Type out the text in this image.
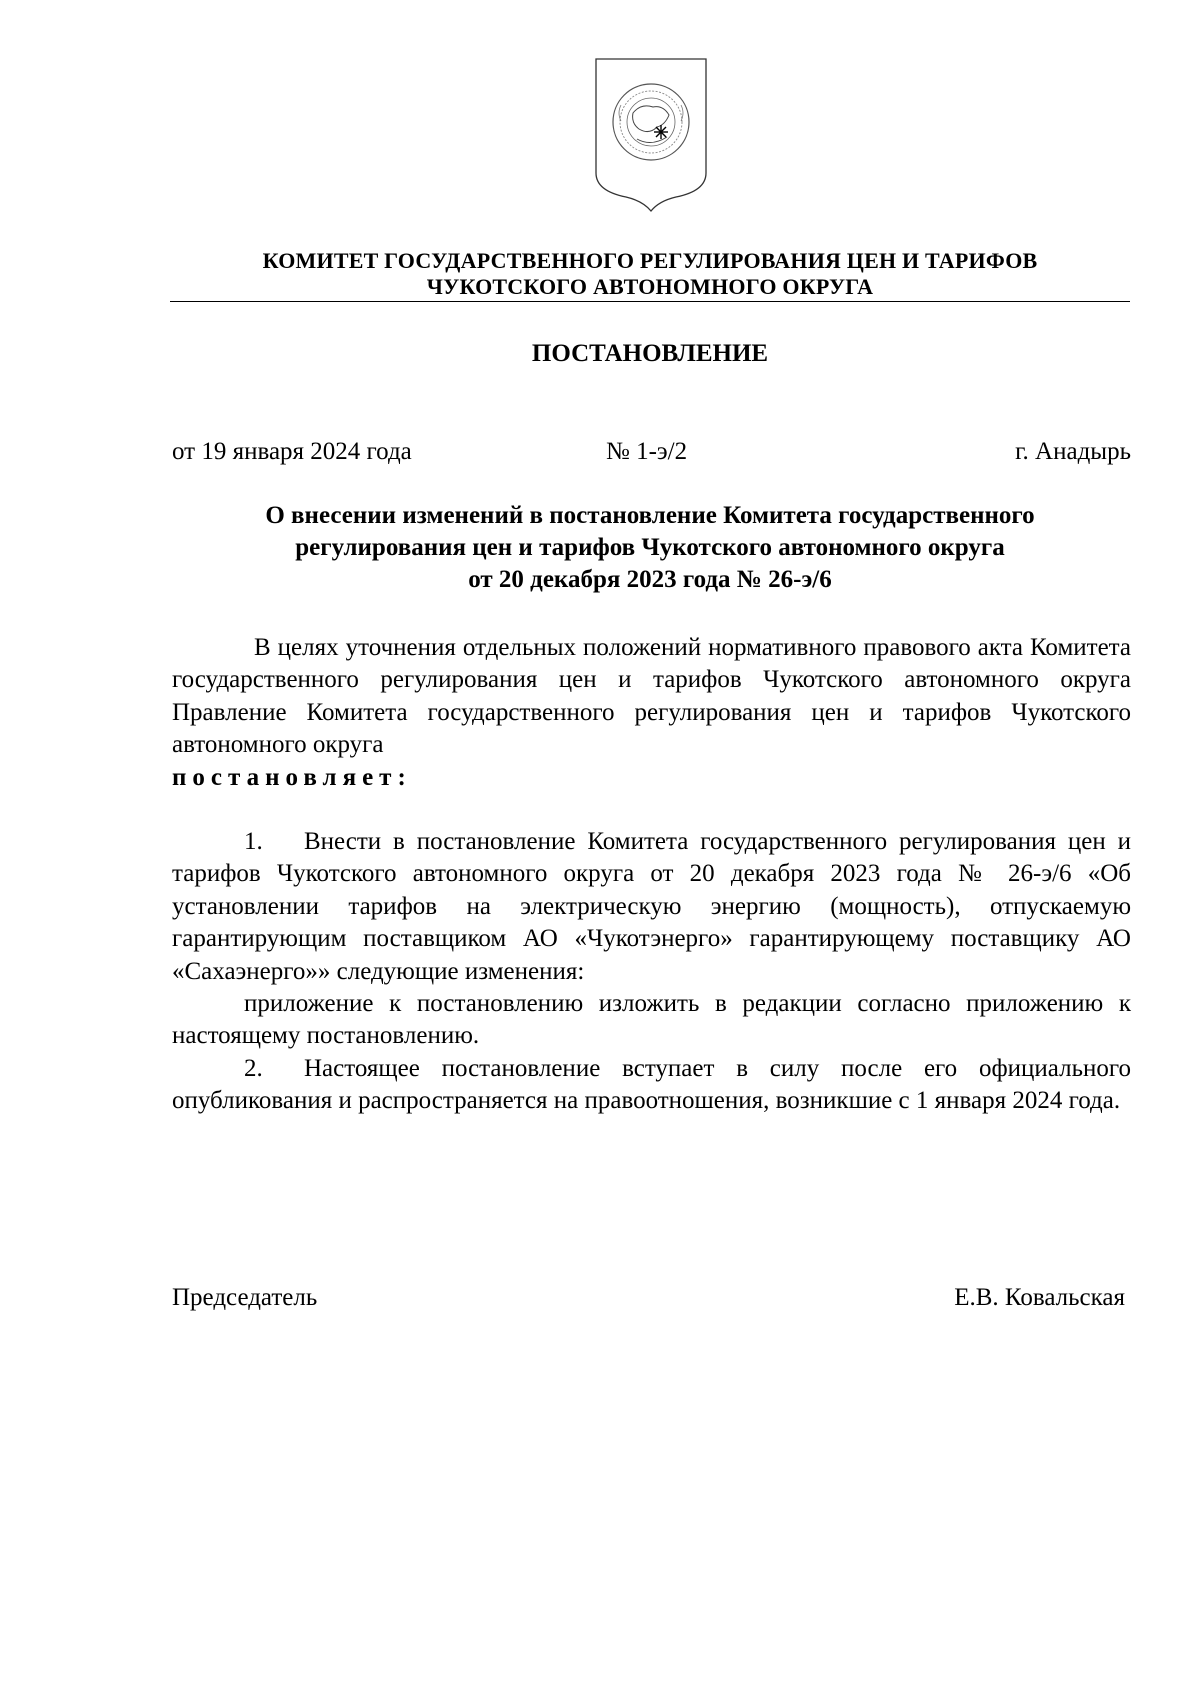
КОМИТЕТ ГОСУДАРСТВЕННОГО РЕГУЛИРОВАНИЯ ЦЕН И ТАРИФОВ
ЧУКОТСКОГО АВТОНОМНОГО ОКРУГА
ПОСТАНОВЛЕНИЕ
от 19 января 2024 года	№ 1-э/2	г. Анадырь
О внесении изменений в постановление Комитета государственного
регулирования цен и тарифов Чукотского автономного округа
от 20 декабря 2023 года № 26-э/6

В целях уточнения отдельных положений нормативного правового акта Комитета государственного регулирования цен и тарифов Чукотского автономного округа Правление Комитета государственного регулирования цен и тарифов Чукотского автономного округа

постановляет:

1. Внести в постановление Комитета государственного регулирования цен и тарифов Чукотского автономного округа от 20 декабря 2023 года № 26-э/6 «Об установлении тарифов на электрическую энергию (мощность), отпускаемую гарантирующим поставщиком АО «Чукотэнерго» гарантирующему поставщику АО «Сахаэнерго»» следующие изменения:

приложение к постановлению изложить в редакции согласно приложению к настоящему постановлению.

2. Настоящее постановление вступает в силу после его официального опубликования и распространяется на правоотношения, возникшие с 1 января 2024 года.

Председатель	Е.В. Ковальская
